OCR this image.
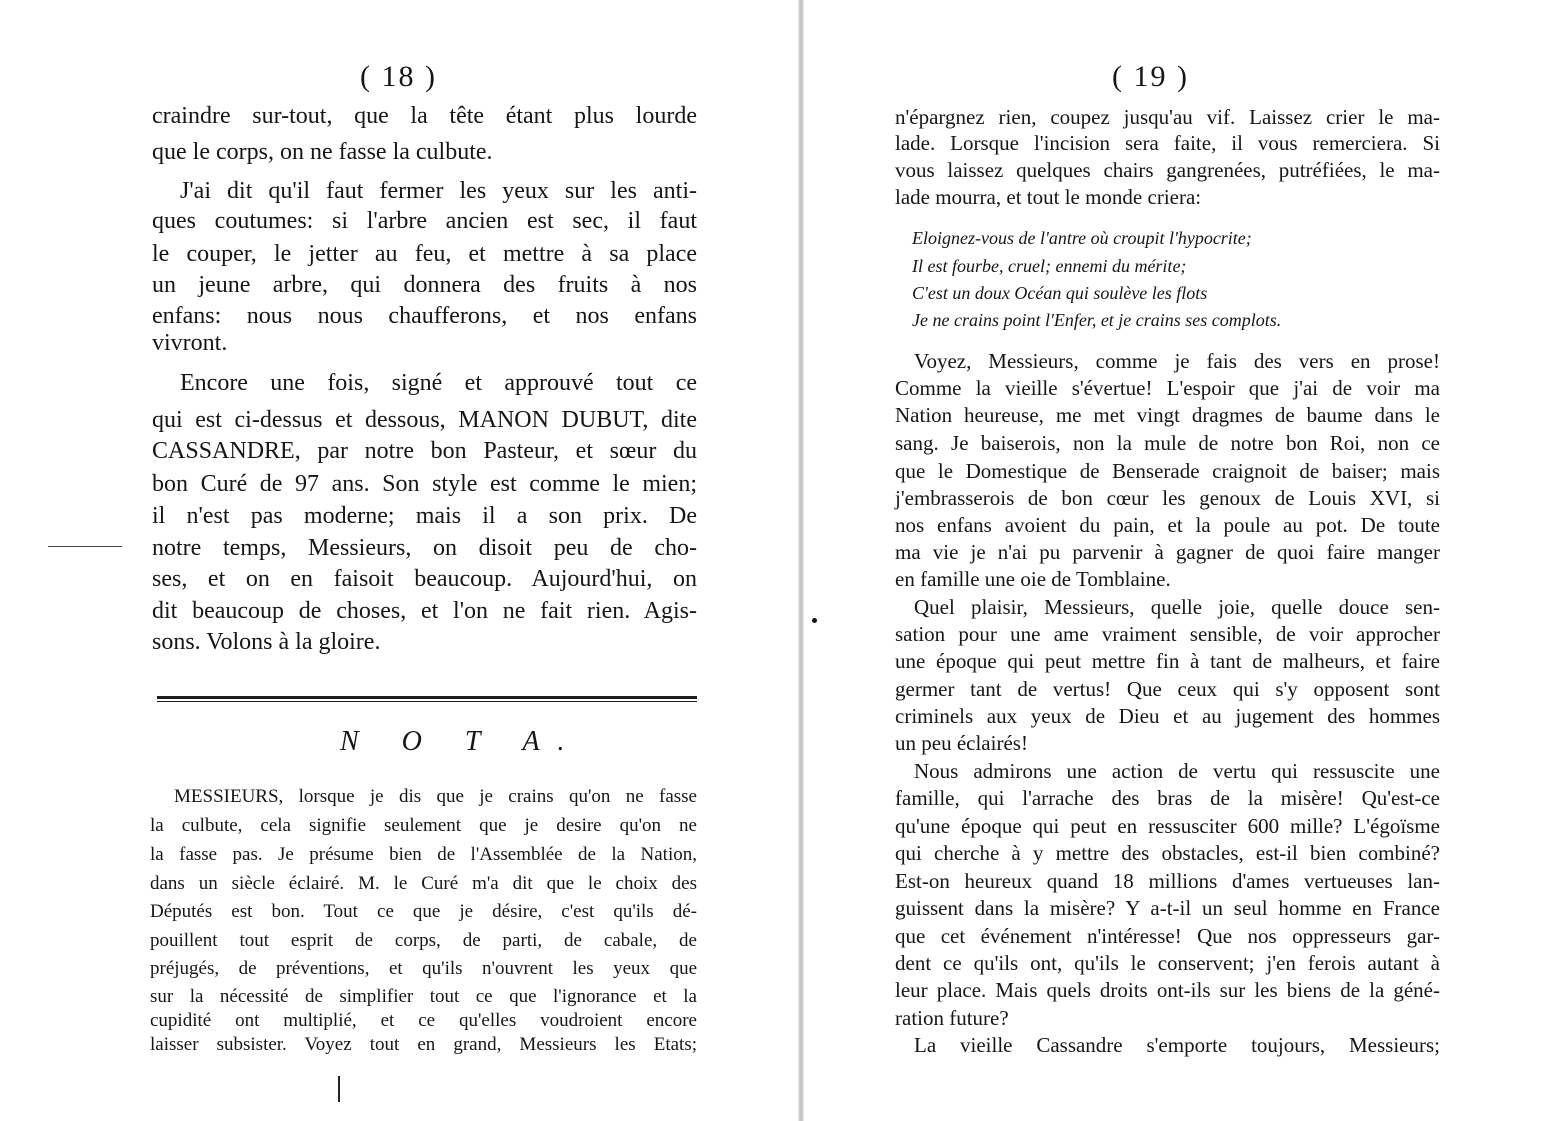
( 18 )
craindre sur-tout, que la tête étant plus lourde
que le corps, on ne fasse la culbute.
J'ai dit qu'il faut fermer les yeux sur les anti-
ques coutumes: si l'arbre ancien est sec, il faut
le couper, le jetter au feu, et mettre à sa place
un jeune arbre, qui donnera des fruits à nos
enfans: nous nous chaufferons, et nos enfans
vivront.
Encore une fois, signé et approuvé tout ce
qui est ci-dessus et dessous, MANON DUBUT, dite
CASSANDRE, par notre bon Pasteur, et sœur du
bon Curé de 97 ans. Son style est comme le mien;
il n'est pas moderne; mais il a son prix. De
notre temps, Messieurs, on disoit peu de cho-
ses, et on en faisoit beaucoup. Aujourd'hui, on
dit beaucoup de choses, et l'on ne fait rien. Agis-
sons. Volons à la gloire.
N O T A.
MESSIEURS, lorsque je dis que je crains qu'on ne fasse
la culbute, cela signifie seulement que je desire qu'on ne
la fasse pas. Je présume bien de l'Assemblée de la Nation,
dans un siècle éclairé. M. le Curé m'a dit que le choix des
Députés est bon. Tout ce que je désire, c'est qu'ils dé-
pouillent tout esprit de corps, de parti, de cabale, de
préjugés, de préventions, et qu'ils n'ouvrent les yeux que
sur la nécessité de simplifier tout ce que l'ignorance et la
cupidité ont multiplié, et ce qu'elles voudroient encore
laisser subsister. Voyez tout en grand, Messieurs les Etats;
( 19 )
n'épargnez rien, coupez jusqu'au vif. Laissez crier le ma-
lade. Lorsque l'incision sera faite, il vous remerciera. Si
vous laissez quelques chairs gangrenées, putréfiées, le ma-
lade mourra, et tout le monde criera:
Eloignez-vous de l'antre où croupit l'hypocrite;
Il est fourbe, cruel; ennemi du mérite;
C'est un doux Océan qui soulève les flots
Je ne crains point l'Enfer, et je crains ses complots.
Voyez, Messieurs, comme je fais des vers en prose!
Comme la vieille s'évertue! L'espoir que j'ai de voir ma
Nation heureuse, me met vingt dragmes de baume dans le
sang. Je baiserois, non la mule de notre bon Roi, non ce
que le Domestique de Benserade craignoit de baiser; mais
j'embrasserois de bon cœur les genoux de Louis XVI, si
nos enfans avoient du pain, et la poule au pot. De toute
ma vie je n'ai pu parvenir à gagner de quoi faire manger
en famille une oie de Tomblaine.
Quel plaisir, Messieurs, quelle joie, quelle douce sen-
sation pour une ame vraiment sensible, de voir approcher
une époque qui peut mettre fin à tant de malheurs, et faire
germer tant de vertus! Que ceux qui s'y opposent sont
criminels aux yeux de Dieu et au jugement des hommes
un peu éclairés!
Nous admirons une action de vertu qui ressuscite une
famille, qui l'arrache des bras de la misère! Qu'est-ce
qu'une époque qui peut en ressusciter 600 mille? L'égoïsme
qui cherche à y mettre des obstacles, est-il bien combiné?
Est-on heureux quand 18 millions d'ames vertueuses lan-
guissent dans la misère? Y a-t-il un seul homme en France
que cet événement n'intéresse! Que nos oppresseurs gar-
dent ce qu'ils ont, qu'ils le conservent; j'en ferois autant à
leur place. Mais quels droits ont-ils sur les biens de la géné-
ration future?
La vieille Cassandre s'emporte toujours, Messieurs;
